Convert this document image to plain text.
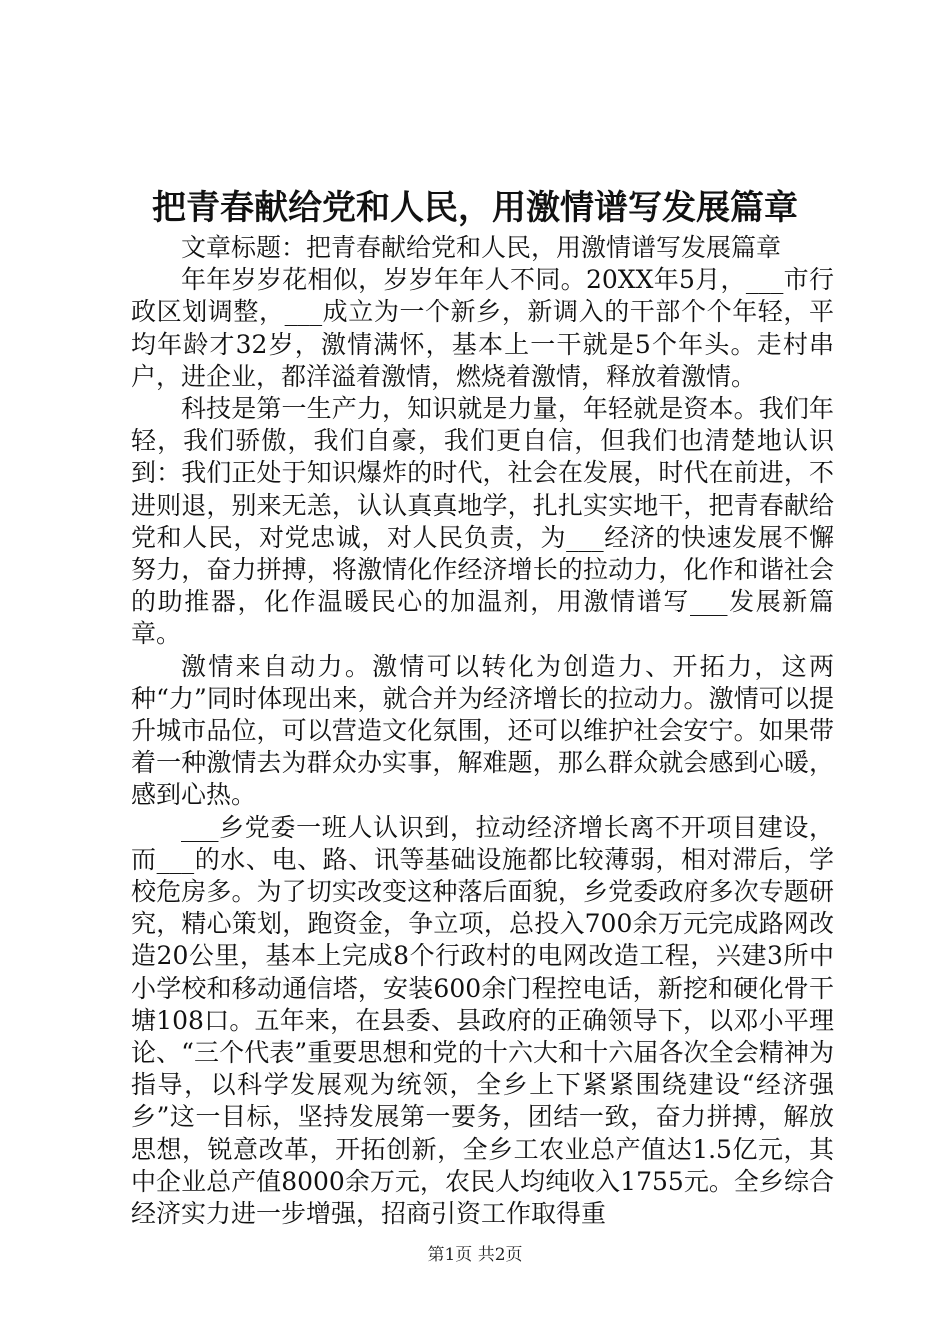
把青春献给党和人民，用激情谱写发展篇章

文章标题：把青春献给党和人民，用激情谱写发展篇章

年年岁岁花相似，岁岁年年人不同。20XX年5月，___市行政区划调整，___成立为一个新乡，新调入的干部个个年轻，平均年龄才32岁，激情满怀，基本上一干就是5个年头。走村串户，进企业，都洋溢着激情，燃烧着激情，释放着激情。

科技是第一生产力，知识就是力量，年轻就是资本。我们年轻，我们骄傲，我们自豪，我们更自信，但我们也清楚地认识到：我们正处于知识爆炸的时代，社会在发展，时代在前进，不进则退，别来无恙，认认真真地学，扎扎实实地干，把青春献给党和人民，对党忠诚，对人民负责，为___经济的快速发展不懈努力，奋力拼搏，将激情化作经济增长的拉动力，化作和谐社会的助推器，化作温暖民心的加温剂，用激情谱写___发展新篇章。

激情来自动力。激情可以转化为创造力、开拓力，这两种“力”同时体现出来，就合并为经济增长的拉动力。激情可以提升城市品位，可以营造文化氛围，还可以维护社会安宁。如果带着一种激情去为群众办实事，解难题，那么群众就会感到心暖，感到心热。

___乡党委一班人认识到，拉动经济增长离不开项目建设，而___的水、电、路、讯等基础设施都比较薄弱，相对滞后，学校危房多。为了切实改变这种落后面貌，乡党委政府多次专题研究，精心策划，跑资金，争立项，总投入700余万元完成路网改造20公里，基本上完成8个行政村的电网改造工程，兴建3所中小学校和移动通信塔，安装600余门程控电话，新挖和硬化骨干塘108口。五年来，在县委、县政府的正确领导下，以邓小平理论、“三个代表”重要思想和党的十六大和十六届各次全会精神为指导，以科学发展观为统领，全乡上下紧紧围绕建设“经济强乡”这一目标，坚持发展第一要务，团结一致，奋力拼搏，解放思想，锐意改革，开拓创新，全乡工农业总产值达1.5亿元，其中企业总产值8000余万元，农民人均纯收入1755元。全乡综合经济实力进一步增强，招商引资工作取得重

第1页 共2页
